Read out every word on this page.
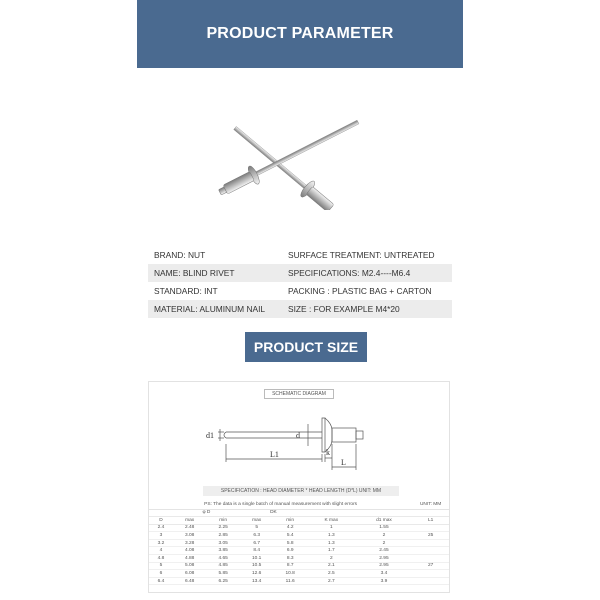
PRODUCT PARAMETER
BRAND: NUT	SURFACE TREATMENT: UNTREATED
NAME: BLIND RIVET	SPECIFICATIONS: M2.4----M6.4
STANDARD: INT	PACKING : PLASTIC BAG + CARTON
MATERIAL: ALUMINUM NAIL	SIZE : FOR EXAMPLE M4*20
PRODUCT SIZE
SCHEMATIC DIAGRAM
d1	d
L1	k
L
SPECIFICATION : HEAD DIAMETER * HEAD LENGTH (D*L) UNIT: MM
PS: The data is a single batch of manual measurement with slight errors							UNIT: MM
	φ D		DK				
D	max	min	max	min	K max	d1 max	L1
2.4	2.48	2.25	5	4.2	1	1.55	
3	3.08	2.85	6.3	5.4	1.3	2	25
3.2	3.28	3.05	6.7	5.8	1.3	2	
4	4.08	3.85	8.4	6.9	1.7	2.45	
4.8	4.88	4.65	10.1	8.3	2	2.95	
5	5.08	4.85	10.5	8.7	2.1	2.95	27
6	6.08	5.85	12.6	10.8	2.5	3.4	
6.4	6.48	6.25	13.4	11.6	2.7	3.9	
